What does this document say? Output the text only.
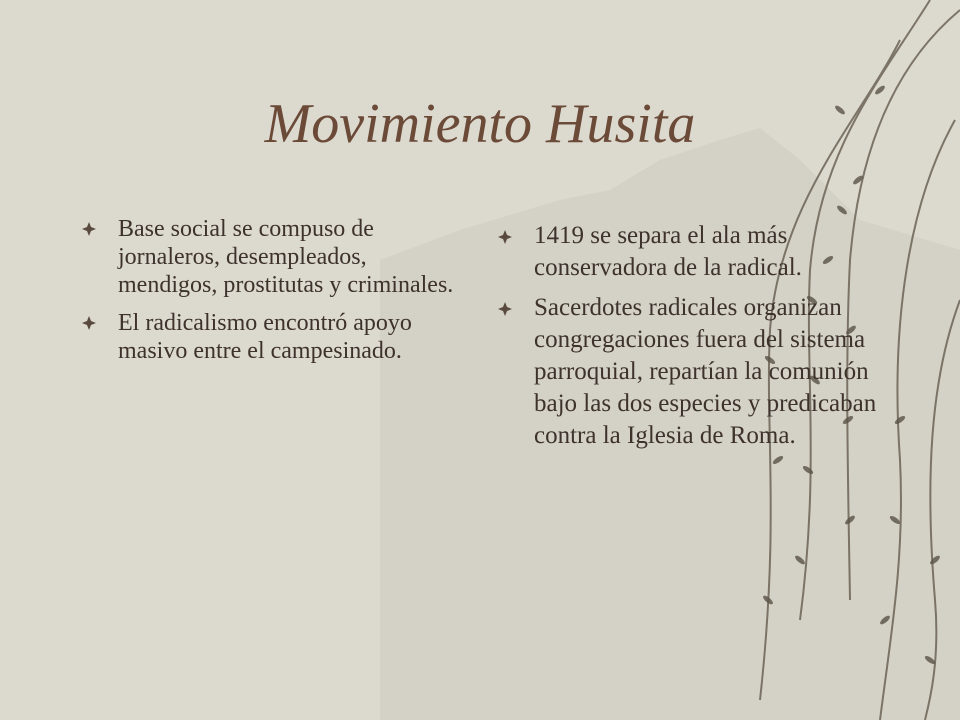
Movimiento Husita
Base social se compuso de jornaleros, desempleados, mendigos, prostitutas y criminales.
El radicalismo encontró apoyo masivo entre el campesinado.
1419 se separa el ala más conservadora de la radical.
Sacerdotes radicales organizan congregaciones fuera del sistema parroquial, repartían la comunión bajo las dos especies y predicaban contra la Iglesia de Roma.
